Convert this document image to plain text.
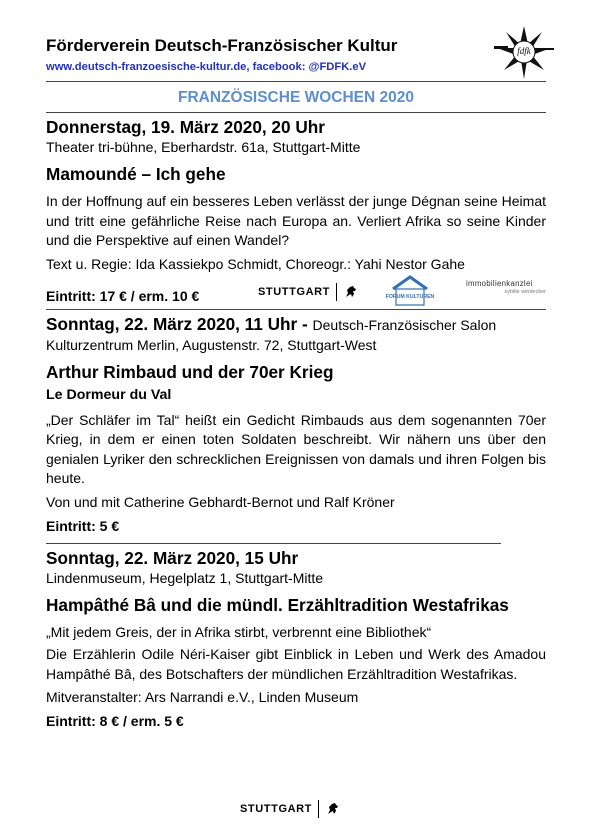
Förderverein Deutsch-Französischer Kultur
www.deutsch-franzoesische-kultur.de, facebook: @FDFK.eV
fdfk
FRANZÖSISCHE WOCHEN 2020
Donnerstag, 19. März 2020, 20 Uhr
Theater tri-bühne, Eberhardstr. 61a, Stuttgart-Mitte
Mamoundé – Ich gehe
In der Hoffnung auf ein besseres Leben verlässt der junge Dégnan seine Heimat und tritt eine gefährliche Reise nach Europa an. Verliert Afrika so seine Kinder und die Perspektive auf einen Wandel?
Text u. Regie: Ida Kassiekpo Schmidt, Choreogr.: Yahi Nestor Gahe
Eintritt: 17 € / erm. 10 €	STUTTGART	FORUM KULTUREN
immobilienkanzlei
sybille windecker
Sonntag, 22. März 2020, 11 Uhr - Deutsch-Französischer Salon
Kulturzentrum Merlin, Augustenstr. 72, Stuttgart-West
Arthur Rimbaud und der 70er Krieg
Le Dormeur du Val
„Der Schläfer im Tal“ heißt ein Gedicht Rimbauds aus dem sogenannten 70er Krieg, in dem er einen toten Soldaten beschreibt. Wir nähern uns über den genialen Lyriker den schrecklichen Ereignissen von damals und ihren Folgen bis heute.
Von und mit Catherine Gebhardt-Bernot und Ralf Kröner
Eintritt: 5 €
Sonntag, 22. März 2020, 15 Uhr
Lindenmuseum, Hegelplatz 1, Stuttgart-Mitte
Hampâthé Bâ und die mündl. Erzähltradition Westafrikas
„Mit jedem Greis, der in Afrika stirbt, verbrennt eine Bibliothek“
Die Erzählerin Odile Néri-Kaiser gibt Einblick in Leben und Werk des Amadou Hampâthé Bâ, des Botschafters der mündlichen Erzähltradition Westafrikas.
Mitveranstalter: Ars Narrandi e.V., Linden Museum
Eintritt: 8 € / erm. 5 €
STUTTGART
